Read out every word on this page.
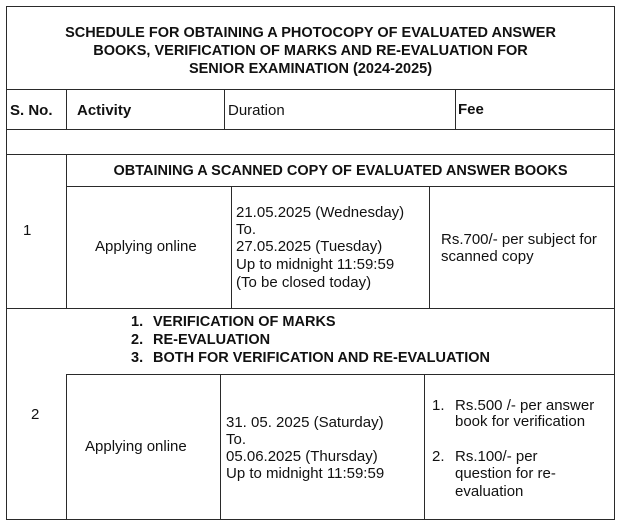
SCHEDULE FOR OBTAINING A PHOTOCOPY OF EVALUATED ANSWER
BOOKS, VERIFICATION OF MARKS AND RE-EVALUATION FOR
SENIOR EXAMINATION (2024-2025)
S. No. Activity	Duration	Fee
1
OBTAINING A SCANNED COPY OF EVALUATED ANSWER BOOKS
Applying online
21.05.2025 (Wednesday)
To.
27.05.2025 (Tuesday)
Up to midnight 11:59:59
(To be closed today)
Rs.700/- per subject for
scanned copy
2
1. VERIFICATION OF MARKS
2. RE-EVALUATION
3. BOTH FOR VERIFICATION AND RE-EVALUATION
Applying online
31. 05. 2025 (Saturday)
To.
05.06.2025 (Thursday)
Up to midnight 11:59:59
1. Rs.500 /- per answer
book for verification
2. Rs.100/- per
question for re-
evaluation
